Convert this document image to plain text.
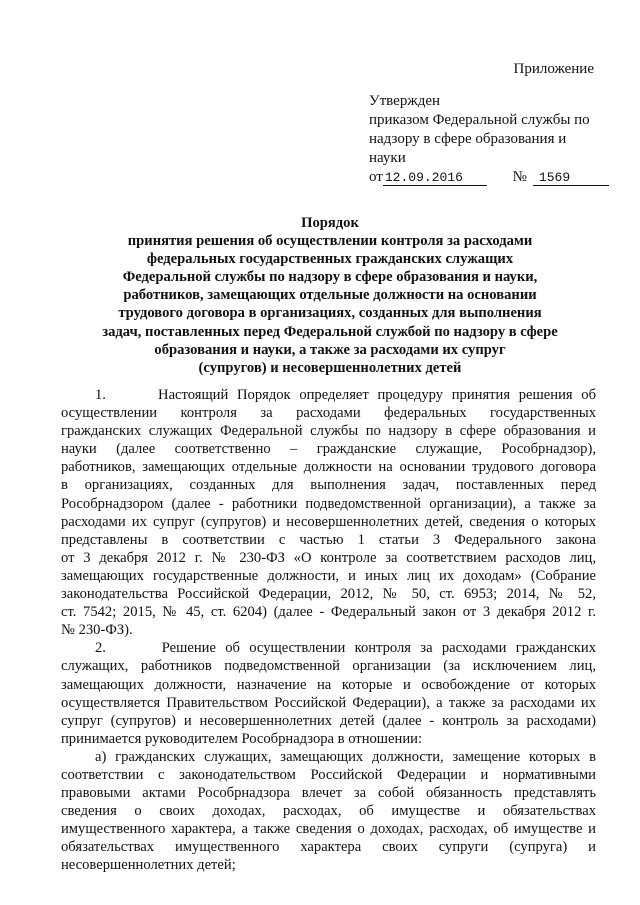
Приложение
Утвержден
приказом Федеральной службы по
надзору в сфере образования и
науки
от 12.09.2016	№ 1569
Порядок
принятия решения об осуществлении контроля за расходами
федеральных государственных гражданских служащих
Федеральной службы по надзору в сфере образования и науки,
работников, замещающих отдельные должности на основании
трудового договора в организациях, созданных для выполнения
задач, поставленных перед Федеральной службой по надзору в сфере
образования и науки, а также за расходами их супруг
(супругов) и несовершеннолетних детей
1.      Настоящий Порядок определяет процедуру принятия решения об
осуществлении контроля за расходами федеральных государственных
гражданских служащих Федеральной службы по надзору в сфере образования и
науки (далее соответственно – гражданские служащие, Рособрнадзор),
работников, замещающих отдельные должности на основании трудового договора
в организациях, созданных для выполнения задач, поставленных перед
Рособрнадзором (далее - работники подведомственной организации), а также за
расходами их супруг (супругов) и несовершеннолетних детей, сведения о которых
представлены в соответствии с частью 1 статьи 3 Федерального закона
от 3 декабря 2012 г. № 230-ФЗ «О контроле за соответствием расходов лиц,
замещающих государственные должности, и иных лиц их доходам» (Собрание
законодательства Российской Федерации, 2012, № 50, ст. 6953; 2014, № 52,
ст. 7542; 2015, № 45, ст. 6204) (далее - Федеральный закон от 3 декабря 2012 г.
№ 230-ФЗ).
2.      Решение об осуществлении контроля за расходами гражданских
служащих, работников подведомственной организации (за исключением лиц,
замещающих должности, назначение на которые и освобождение от которых
осуществляется Правительством Российской Федерации), а также за расходами их
супруг (супругов) и несовершеннолетних детей (далее - контроль за расходами)
принимается руководителем Рособрнадзора в отношении:
а) гражданских служащих, замещающих должности, замещение которых в
соответствии с законодательством Российской Федерации и нормативными
правовыми актами Рособрнадзора влечет за собой обязанность представлять
сведения о своих доходах, расходах, об имуществе и обязательствах
имущественного характера, а также сведения о доходах, расходах, об имуществе и
обязательствах имущественного характера своих супруги (супруга) и
несовершеннолетних детей;
